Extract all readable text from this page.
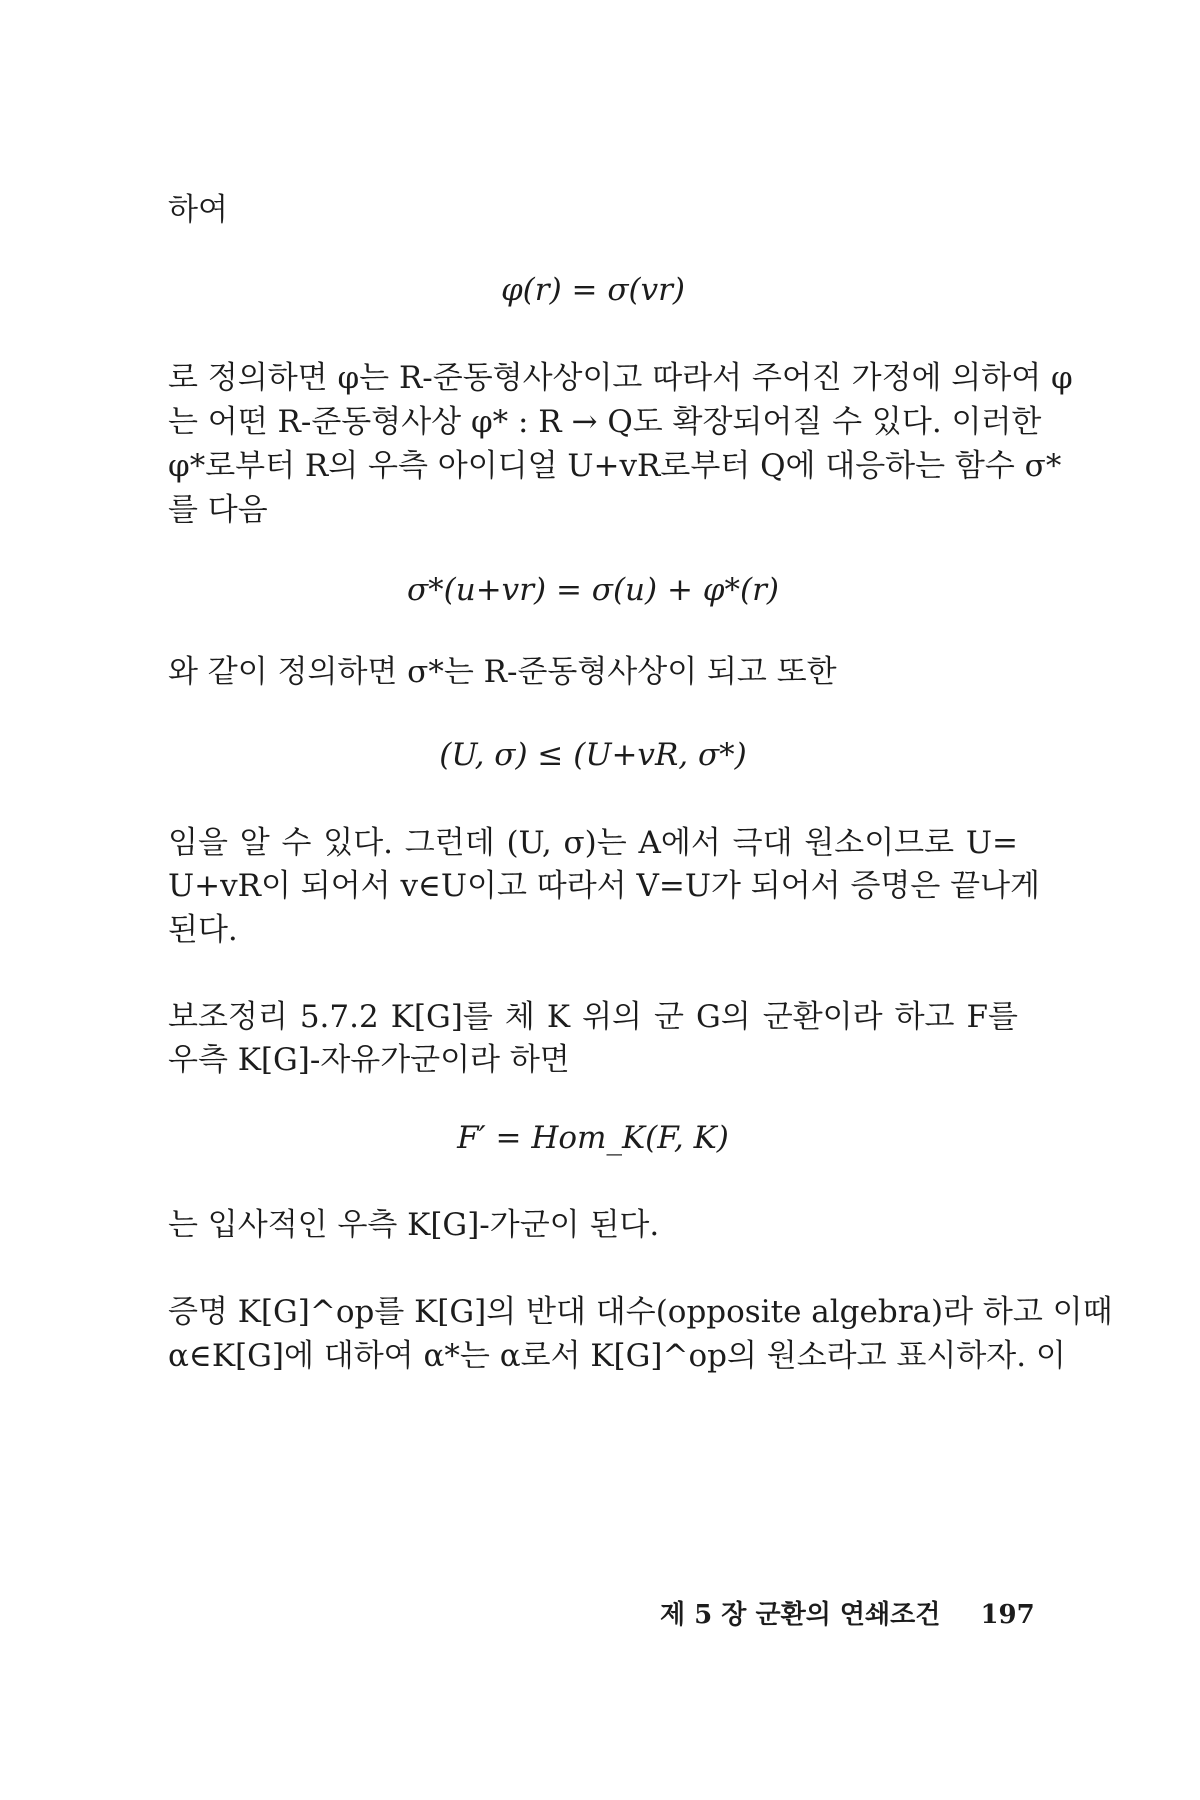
하여
φ(r) = σ(vr)
로 정의하면 φ는 R-준동형사상이고 따라서 주어진 가정에 의하여 φ
는 어떤 R-준동형사상 φ* : R → Q도 확장되어질 수 있다. 이러한
φ*로부터 R의 우측 아이디얼 U+vR로부터 Q에 대응하는 함수 σ*
를 다음
σ*(u+vr) = σ(u) + φ*(r)
와 같이 정의하면 σ*는 R-준동형사상이 되고 또한
(U, σ) ≤ (U+vR, σ*)
임을 알 수 있다. 그런데 (U, σ)는 A에서 극대 원소이므로 U=
U+vR이 되어서 v∈U이고 따라서 V=U가 되어서 증명은 끝나게
된다.
보조정리 5.7.2 K[G]를 체 K 위의 군 G의 군환이라 하고 F를
우측 K[G]-자유가군이라 하면
F′ = Hom_K(F, K)
는 입사적인 우측 K[G]-가군이 된다.
증명 K[G]^op를 K[G]의 반대 대수(opposite algebra)라 하고 이때
α∈K[G]에 대하여 α*는 α로서 K[G]^op의 원소라고 표시하자. 이
제 5 장 군환의 연쇄조건 197
